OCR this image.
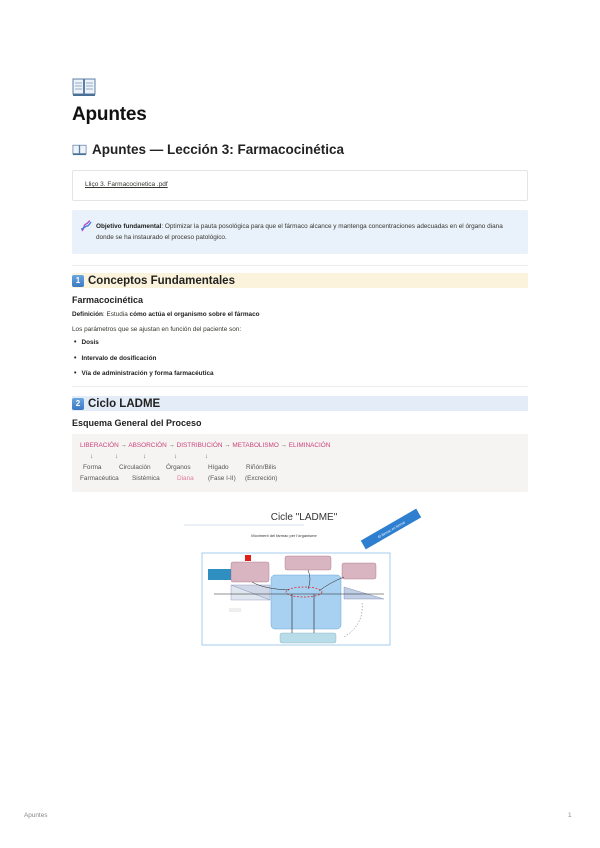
Apuntes
Apuntes — Lección 3: Farmacocinética
Lliço 3. Farmacocinetica .pdf
Objetivo fundamental: Optimizar la pauta posológica para que el fármaco alcance y mantenga concentraciones adecuadas en el órgano diana donde se ha instaurado el proceso patológico.
1 Conceptos Fundamentales
Farmacocinética
Definición: Estudia cómo actúa el organismo sobre el fármaco
Los parámetros que se ajustan en función del paciente son:
• Dosis
• Intervalo de dosificación
• Vía de administración y forma farmacéutica
2 Ciclo LADME
Esquema General del Proceso
LIBERACIÓN → ABSORCIÓN → DISTRIBUCIÓN → METABOLISMO → ELIMINACIÓN
↓	↓	↓	↓	↓
Forma	Circulación	Órganos	Hígado	Riñón/Bilis
Farmacéutica	Sistémica	Diana	(Fase I-II)	(Excreción)
Cicle "LADME"
Moviment del fàrmac per l'organisme	El fàrmac en format
Apuntes	1
